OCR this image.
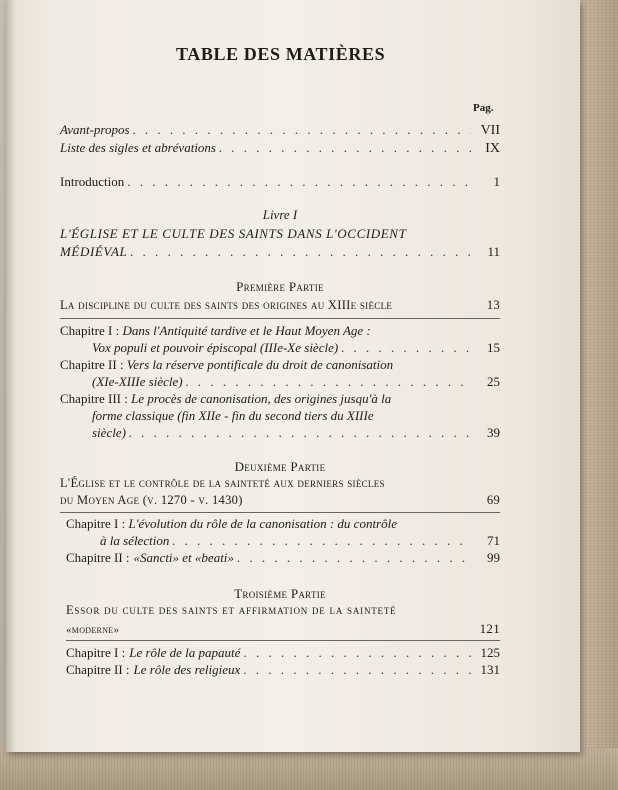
TABLE DES MATIÈRES
Pag.
Avant-propos . . .	VII
Liste des sigles et abrévations . . .	IX
Introduction . . .	1
Livre I
L'ÉGLISE ET LE CULTE DES SAINTS DANS L'OCCIDENT
MÉDIÉVAL . . .	11
Première Partie
La discipline du culte des saints des origines au XIIIe siècle	13
Chapitre I : Dans l'Antiquité tardive et le Haut Moyen Age :
Vox populi et pouvoir épiscopal (IIIe-Xe siècle) . . .	15
Chapitre II : Vers la réserve pontificale du droit de canonisation
(XIe-XIIIe siècle) . . .	25
Chapitre III : Le procès de canonisation, des origines jusqu'à la
forme classique (fin XIIe - fin du second tiers du XIIIe
siècle) . . .	39
Deuxième Partie
L'Église et le contrôle de la sainteté aux derniers siècles
du Moyen Age (v. 1270 - v. 1430)	69
Chapitre I : L'évolution du rôle de la canonisation : du contrôle
à la sélection . . .	71
Chapitre II : «Sancti» et «beati» . . .	99
Troisième Partie
Essor du culte des saints et affirmation de la sainteté
«moderne»	121
Chapitre I : Le rôle de la papauté . . .	125
Chapitre II : Le rôle des religieux . . .	131
